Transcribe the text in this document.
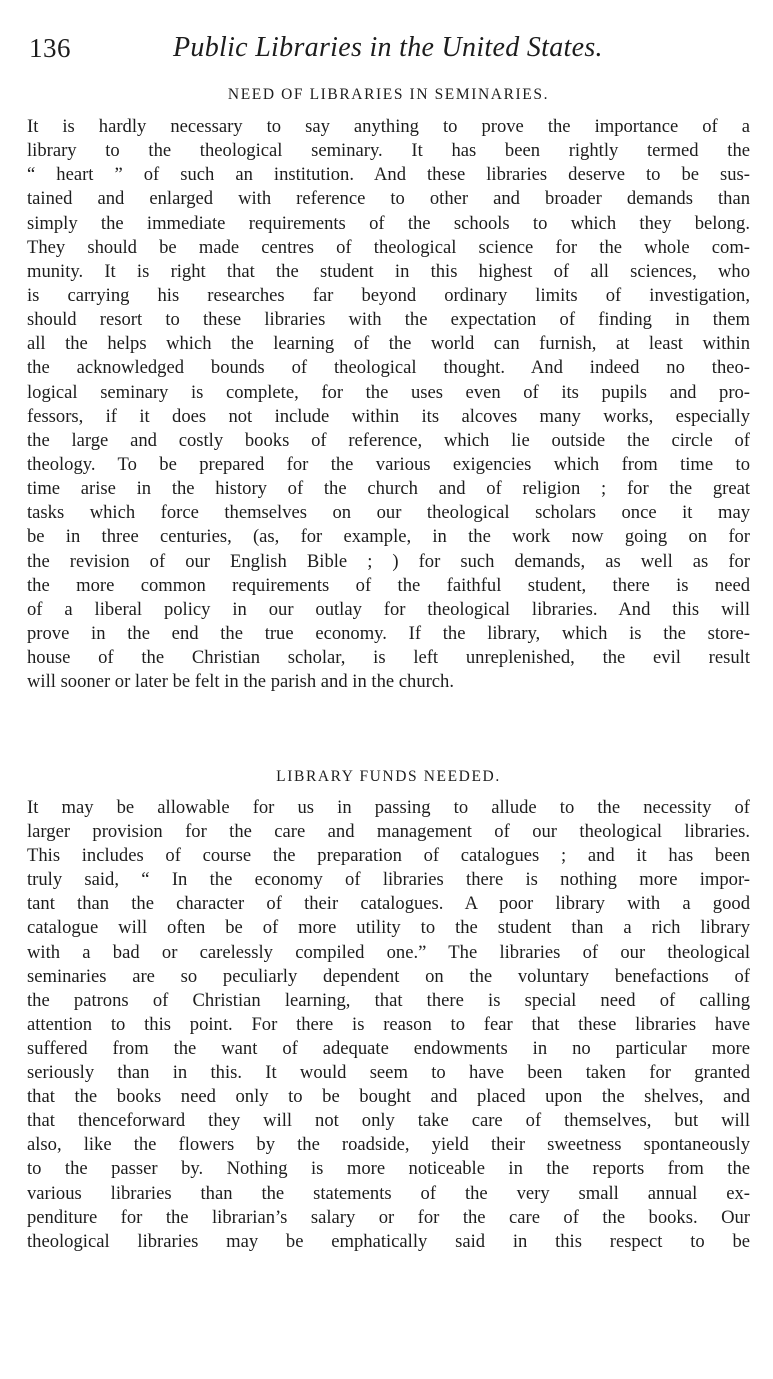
136	Public Libraries in the United States.
NEED OF LIBRARIES IN SEMINARIES.
It is hardly necessary to say anything to prove the importance of a
library to the theological seminary. It has been rightly termed the
“ heart ” of such an institution. And these libraries deserve to be sus-
tained and enlarged with reference to other and broader demands than
simply the immediate requirements of the schools to which they belong.
They should be made centres of theological science for the whole com-
munity. It is right that the student in this highest of all sciences, who
is carrying his researches far beyond ordinary limits of investigation,
should resort to these libraries with the expectation of finding in them
all the helps which the learning of the world can furnish, at least within
the acknowledged bounds of theological thought. And indeed no theo-
logical seminary is complete, for the uses even of its pupils and pro-
fessors, if it does not include within its alcoves many works, especially
the large and costly books of reference, which lie outside the circle of
theology. To be prepared for the various exigencies which from time to
time arise in the history of the church and of religion ; for the great
tasks which force themselves on our theological scholars once it may
be in three centuries, (as, for example, in the work now going on for
the revision of our English Bible ; ) for such demands, as well as for
the more common requirements of the faithful student, there is need
of a liberal policy in our outlay for theological libraries. And this will
prove in the end the true economy. If the library, which is the store-
house of the Christian scholar, is left unreplenished, the evil result
will sooner or later be felt in the parish and in the church.
LIBRARY FUNDS NEEDED.
It may be allowable for us in passing to allude to the necessity of
larger provision for the care and management of our theological libraries.
This includes of course the preparation of catalogues ; and it has been
truly said, “ In the economy of libraries there is nothing more impor-
tant than the character of their catalogues. A poor library with a good
catalogue will often be of more utility to the student than a rich library
with a bad or carelessly compiled one.” The libraries of our theological
seminaries are so peculiarly dependent on the voluntary benefactions of
the patrons of Christian learning, that there is special need of calling
attention to this point. For there is reason to fear that these libraries have
suffered from the want of adequate endowments in no particular more
seriously than in this. It would seem to have been taken for granted
that the books need only to be bought and placed upon the shelves, and
that thenceforward they will not only take care of themselves, but will
also, like the flowers by the roadside, yield their sweetness spontaneously
to the passer by. Nothing is more noticeable in the reports from the
various libraries than the statements of the very small annual ex-
penditure for the librarian’s salary or for the care of the books. Our
theological libraries may be emphatically said in this respect to be
